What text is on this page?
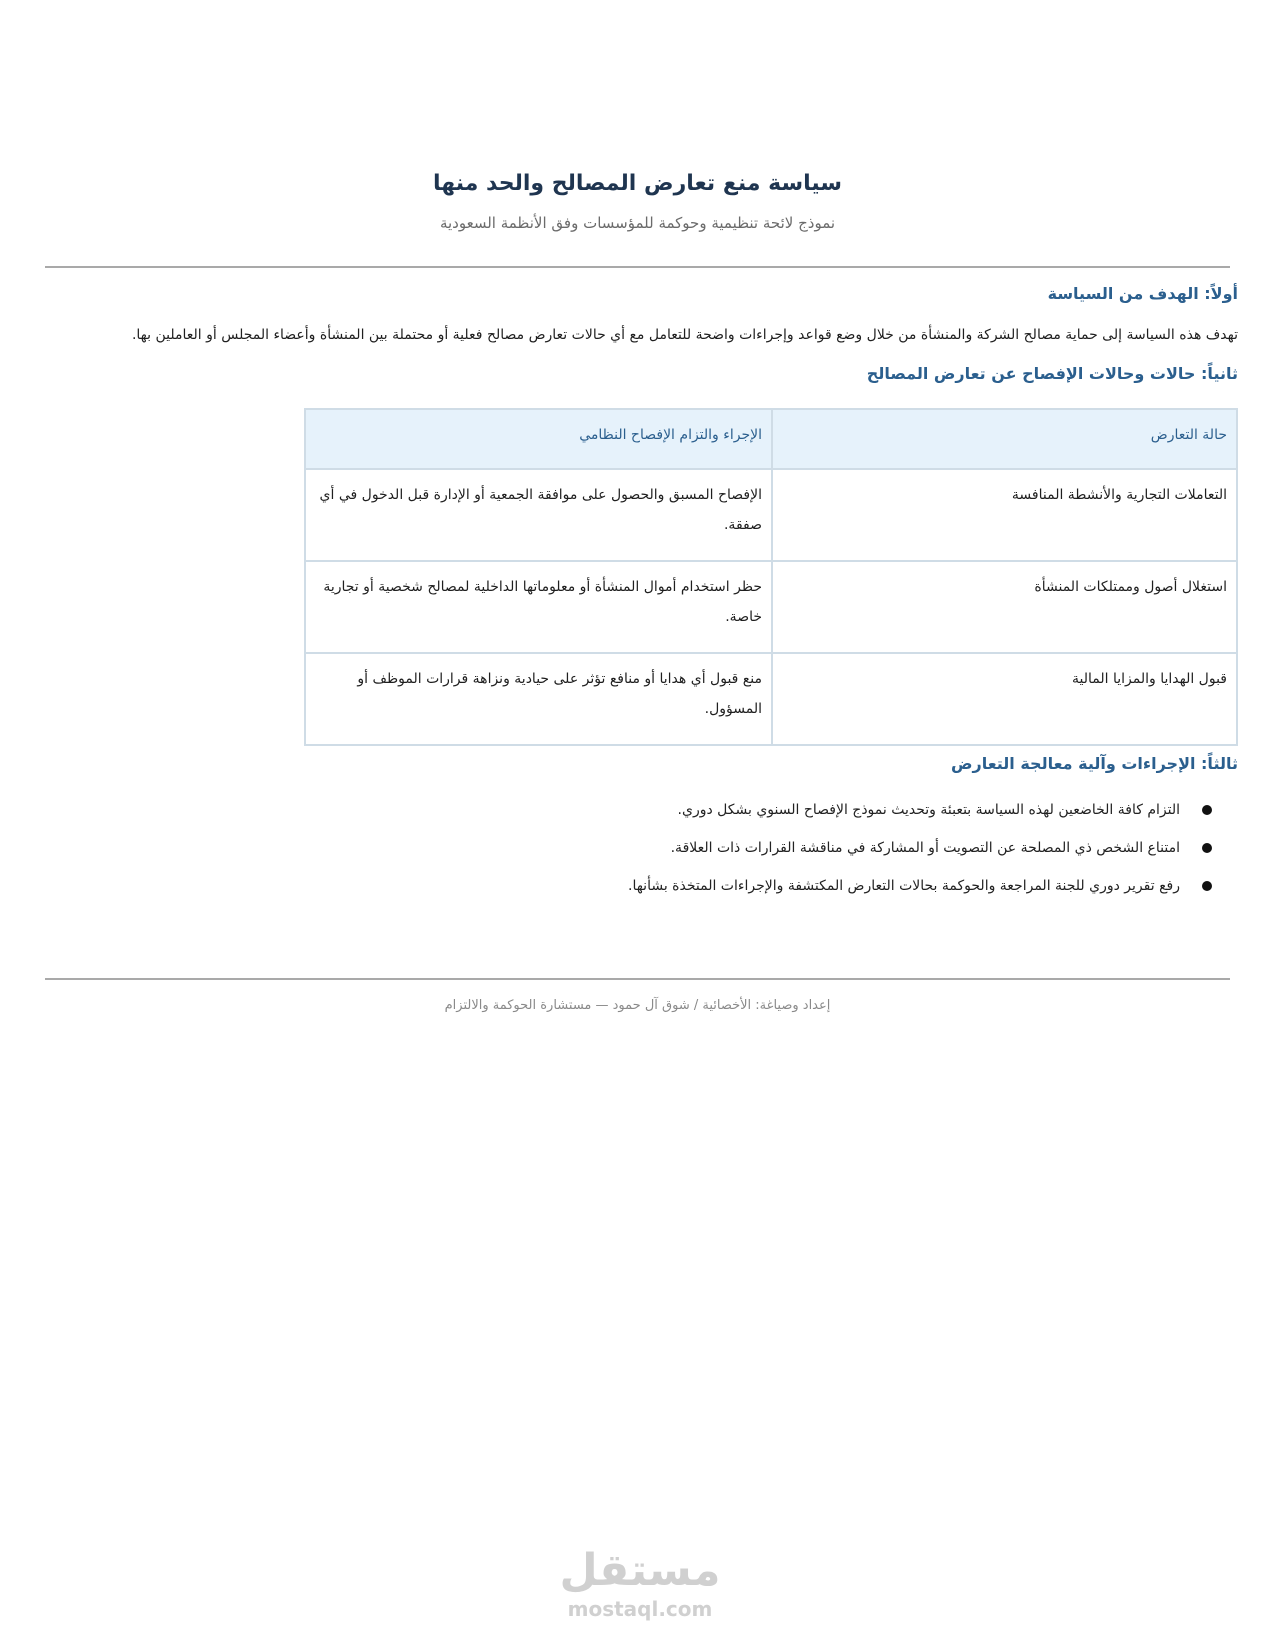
سياسة منع تعارض المصالح والحد منها
نموذج لائحة تنظيمية وحوكمة للمؤسسات وفق الأنظمة السعودية
أولاً: الهدف من السياسة
تهدف هذه السياسة إلى حماية مصالح الشركة والمنشأة من خلال وضع قواعد وإجراءات واضحة للتعامل مع أي حالات تعارض مصالح فعلية أو محتملة بين المنشأة وأعضاء المجلس أو العاملين بها.
ثانياً: حالات وحالات الإفصاح عن تعارض المصالح
حالة التعارض	الإجراء والتزام الإفصاح النظامي
التعاملات التجارية والأنشطة المنافسة	الإفصاح المسبق والحصول على موافقة الجمعية أو الإدارة قبل الدخول في أي صفقة.
استغلال أصول وممتلكات المنشأة	حظر استخدام أموال المنشأة أو معلوماتها الداخلية لمصالح شخصية أو تجارية خاصة.
قبول الهدايا والمزايا المالية	منع قبول أي هدايا أو منافع تؤثر على حيادية ونزاهة قرارات الموظف أو المسؤول.
ثالثاً: الإجراءات وآلية معالجة التعارض
التزام كافة الخاضعين لهذه السياسة بتعبئة وتحديث نموذج الإفصاح السنوي بشكل دوري.
امتناع الشخص ذي المصلحة عن التصويت أو المشاركة في مناقشة القرارات ذات العلاقة.
رفع تقرير دوري للجنة المراجعة والحوكمة بحالات التعارض المكتشفة والإجراءات المتخذة بشأنها.
إعداد وصياغة: الأخصائية / شوق آل حمود — مستشارة الحوكمة والالتزام
مستقل
mostaql.com
